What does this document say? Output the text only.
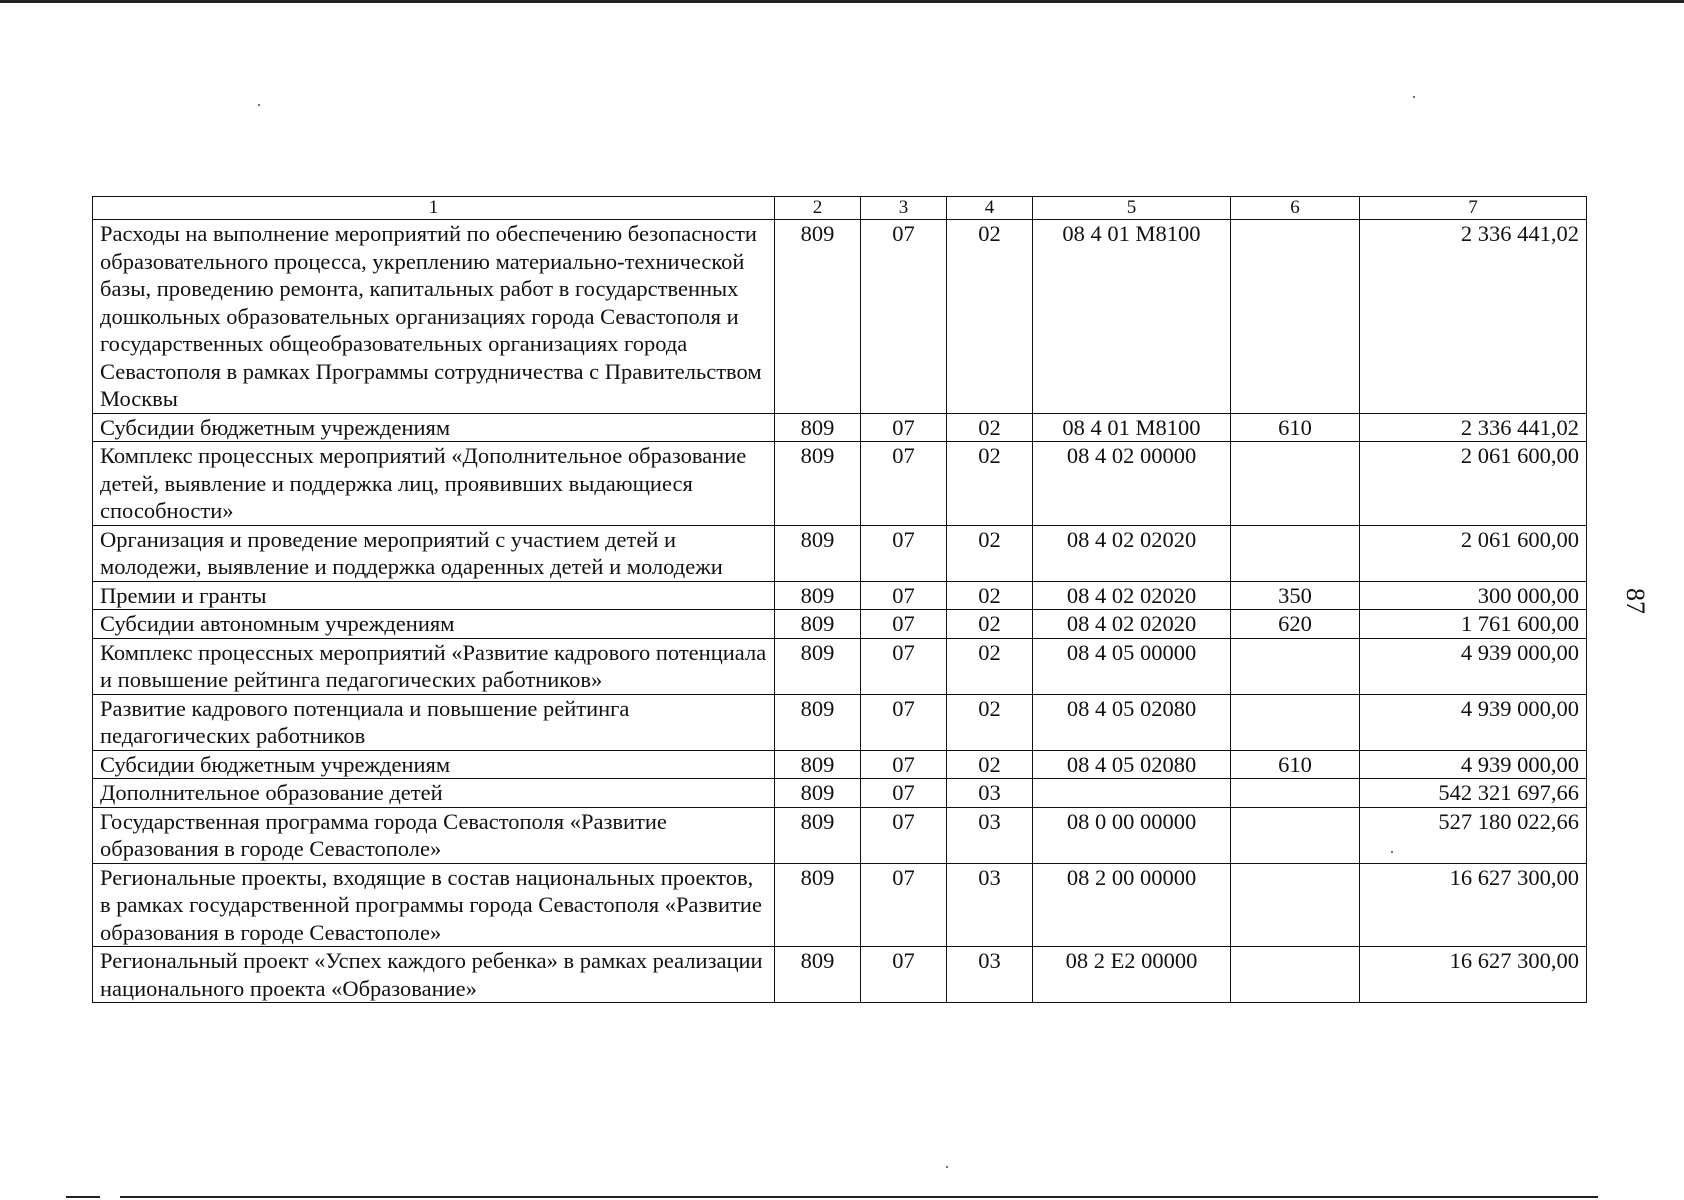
87
1	2	3	4	5	6	7
Расходы на выполнение мероприятий по обеспечению безопасности образовательного процесса, укреплению материально-технической базы, проведению ремонта, капитальных работ в государственных дошкольных образовательных организациях города Севастополя и государственных общеобразовательных организациях города Севастополя в рамках Программы сотрудничества с Правительством Москвы	809	07	02	08 4 01 M8100		2 336 441,02
Субсидии бюджетным учреждениям	809	07	02	08 4 01 M8100	610	2 336 441,02
Комплекс процессных мероприятий «Дополнительное образование детей, выявление и поддержка лиц, проявивших выдающиеся способности»	809	07	02	08 4 02 00000		2 061 600,00
Организация и проведение мероприятий с участием детей и молодежи, выявление и поддержка одаренных детей и молодежи	809	07	02	08 4 02 02020		2 061 600,00
Премии и гранты	809	07	02	08 4 02 02020	350	300 000,00
Субсидии автономным учреждениям	809	07	02	08 4 02 02020	620	1 761 600,00
Комплекс процессных мероприятий «Развитие кадрового потенциала и повышение рейтинга педагогических работников»	809	07	02	08 4 05 00000		4 939 000,00
Развитие кадрового потенциала и повышение рейтинга педагогических работников	809	07	02	08 4 05 02080		4 939 000,00
Субсидии бюджетным учреждениям	809	07	02	08 4 05 02080	610	4 939 000,00
Дополнительное образование детей	809	07	03			542 321 697,66
Государственная программа города Севастополя «Развитие образования в городе Севастополе»	809	07	03	08 0 00 00000		527 180 022,66
Региональные проекты, входящие в состав национальных проектов, в рамках государственной программы города Севастополя «Развитие образования в городе Севастополе»	809	07	03	08 2 00 00000		16 627 300,00
Региональный проект «Успех каждого ребенка» в рамках реализации национального проекта «Образование»	809	07	03	08 2 E2 00000		16 627 300,00
